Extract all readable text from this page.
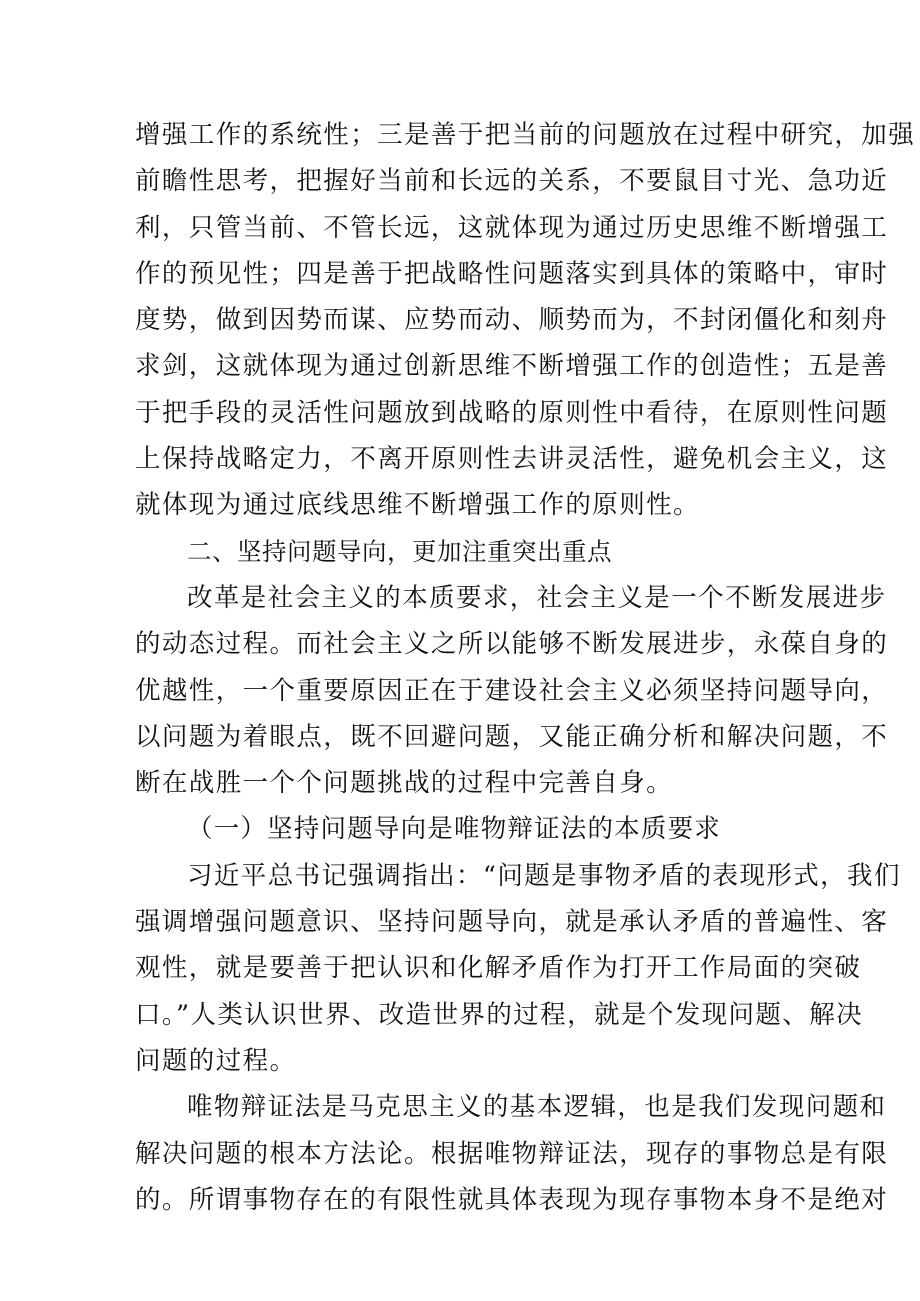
增强工作的系统性；三是善于把当前的问题放在过程中研究，加强
前瞻性思考，把握好当前和长远的关系，不要鼠目寸光、急功近
利，只管当前、不管长远，这就体现为通过历史思维不断增强工
作的预见性；四是善于把战略性问题落实到具体的策略中，审时
度势，做到因势而谋、应势而动、顺势而为，不封闭僵化和刻舟
求剑，这就体现为通过创新思维不断增强工作的创造性；五是善
于把手段的灵活性问题放到战略的原则性中看待，在原则性问题
上保持战略定力，不离开原则性去讲灵活性，避免机会主义，这
就体现为通过底线思维不断增强工作的原则性。
二、坚持问题导向，更加注重突出重点
改革是社会主义的本质要求，社会主义是一个不断发展进步
的动态过程。而社会主义之所以能够不断发展进步，永葆自身的
优越性，一个重要原因正在于建设社会主义必须坚持问题导向，
以问题为着眼点，既不回避问题，又能正确分析和解决问题，不
断在战胜一个个问题挑战的过程中完善自身。
（一）坚持问题导向是唯物辩证法的本质要求
习近平总书记强调指出：“问题是事物矛盾的表现形式，我们
强调增强问题意识、坚持问题导向，就是承认矛盾的普遍性、客
观性，就是要善于把认识和化解矛盾作为打开工作局面的突破
口。”人类认识世界、改造世界的过程，就是个发现问题、解决
问题的过程。
唯物辩证法是马克思主义的基本逻辑，也是我们发现问题和
解决问题的根本方法论。根据唯物辩证法，现存的事物总是有限
的。所谓事物存在的有限性就具体表现为现存事物本身不是绝对
